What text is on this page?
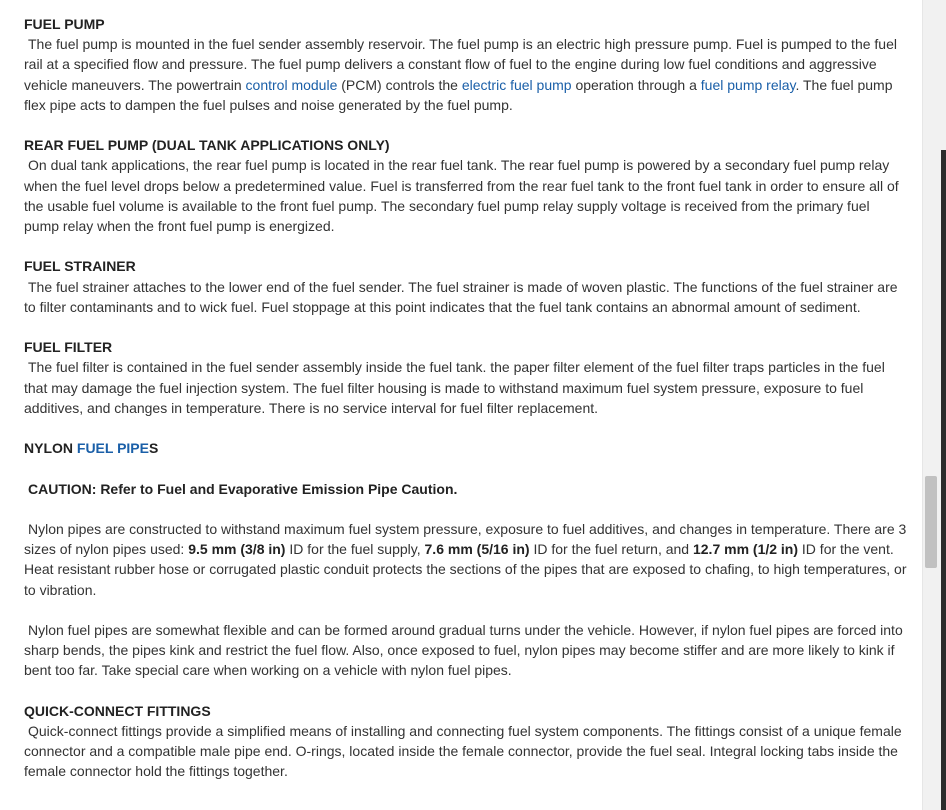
FUEL PUMP

The fuel pump is mounted in the fuel sender assembly reservoir. The fuel pump is an electric high pressure pump. Fuel is pumped to the fuel rail at a specified flow and pressure. The fuel pump delivers a constant flow of fuel to the engine during low fuel conditions and aggressive vehicle maneuvers. The powertrain control module (PCM) controls the electric fuel pump operation through a fuel pump relay. The fuel pump flex pipe acts to dampen the fuel pulses and noise generated by the fuel pump.

REAR FUEL PUMP (DUAL TANK APPLICATIONS ONLY)

On dual tank applications, the rear fuel pump is located in the rear fuel tank. The rear fuel pump is powered by a secondary fuel pump relay when the fuel level drops below a predetermined value. Fuel is transferred from the rear fuel tank to the front fuel tank in order to ensure all of the usable fuel volume is available to the front fuel pump. The secondary fuel pump relay supply voltage is received from the primary fuel pump relay when the front fuel pump is energized.

FUEL STRAINER

The fuel strainer attaches to the lower end of the fuel sender. The fuel strainer is made of woven plastic. The functions of the fuel strainer are to filter contaminants and to wick fuel. Fuel stoppage at this point indicates that the fuel tank contains an abnormal amount of sediment.

FUEL FILTER

The fuel filter is contained in the fuel sender assembly inside the fuel tank. the paper filter element of the fuel filter traps particles in the fuel that may damage the fuel injection system. The fuel filter housing is made to withstand maximum fuel system pressure, exposure to fuel additives, and changes in temperature. There is no service interval for fuel filter replacement.

NYLON FUEL PIPES

CAUTION: Refer to Fuel and Evaporative Emission Pipe Caution.

Nylon pipes are constructed to withstand maximum fuel system pressure, exposure to fuel additives, and changes in temperature. There are 3 sizes of nylon pipes used: 9.5 mm (3/8 in) ID for the fuel supply, 7.6 mm (5/16 in) ID for the fuel return, and 12.7 mm (1/2 in) ID for the vent. Heat resistant rubber hose or corrugated plastic conduit protects the sections of the pipes that are exposed to chafing, to high temperatures, or to vibration.

Nylon fuel pipes are somewhat flexible and can be formed around gradual turns under the vehicle. However, if nylon fuel pipes are forced into sharp bends, the pipes kink and restrict the fuel flow. Also, once exposed to fuel, nylon pipes may become stiffer and are more likely to kink if bent too far. Take special care when working on a vehicle with nylon fuel pipes.

QUICK-CONNECT FITTINGS

Quick-connect fittings provide a simplified means of installing and connecting fuel system components. The fittings consist of a unique female connector and a compatible male pipe end. O-rings, located inside the female connector, provide the fuel seal. Integral locking tabs inside the female connector hold the fittings together.
